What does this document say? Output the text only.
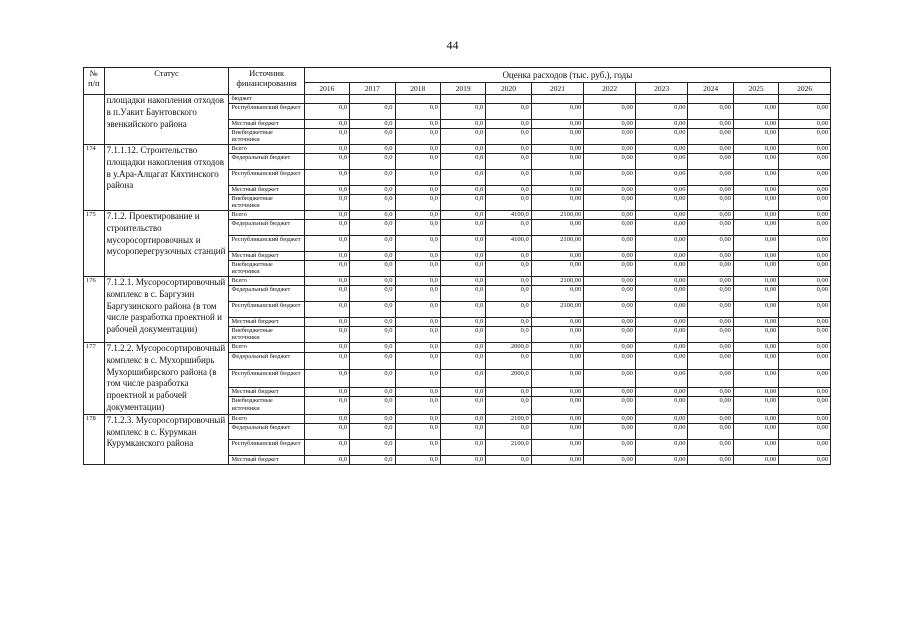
44
№ п/п	Статус	Источник финансирования	Оценка расходов (тыс. руб.), годы										
			2016	2017	2018	2019	2020	2021	2022	2023	2024	2025	2026
	площадки накопления отходов в п.Уакит Баунтовского эвенкийского района	бюджет											
		Республиканский бюджет	0,0	0,0	0,0	0,0	0,0	0,00	0,00	0,00	0,00	0,00	0,00
		Местный бюджет	0,0	0,0	0,0	0,0	0,0	0,00	0,00	0,00	0,00	0,00	0,00
		Внебюджетные источники	0,0	0,0	0,0	0,0	0,0	0,00	0,00	0,00	0,00	0,00	0,00
174	7.1.1.12. Строительство площадки накопления отходов в у.Ара-Алцагат Кяхтинского района	Всего	0,0	0,0	0,0	0,0	0,0	0,00	0,00	0,00	0,00	0,00	0,00
		Федеральный бюджет	0,0	0,0	0,0	0,0	0,0	0,00	0,00	0,00	0,00	0,00	0,00
		Республиканский бюджет	0,0	0,0	0,0	0,0	0,0	0,00	0,00	0,00	0,00	0,00	0,00
		Местный бюджет	0,0	0,0	0,0	0,0	0,0	0,00	0,00	0,00	0,00	0,00	0,00
		Внебюджетные источники	0,0	0,0	0,0	0,0	0,0	0,00	0,00	0,00	0,00	0,00	0,00
175	7.1.2. Проектирование и строительство мусоросортировочных и мусороперегрузочных станций	Всего	0,0	0,0	0,0	0,0	4100,0	2100,00	0,00	0,00	0,00	0,00	0,00
		Федеральный бюджет	0,0	0,0	0,0	0,0	0,0	0,00	0,00	0,00	0,00	0,00	0,00
		Республиканский бюджет	0,0	0,0	0,0	0,0	4100,0	2100,00	0,00	0,00	0,00	0,00	0,00
		Местный бюджет	0,0	0,0	0,0	0,0	0,0	0,00	0,00	0,00	0,00	0,00	0,00
		Внебюджетные источники	0,0	0,0	0,0	0,0	0,0	0,00	0,00	0,00	0,00	0,00	0,00
176	7.1.2.1. Мусоросортировочный комплекс в с. Баргузин Баргузинского района (в том числе разработка проектной и рабочей документации)	Всего	0,0	0,0	0,0	0,0	0,0	2100,00	0,00	0,00	0,00	0,00	0,00
		Федеральный бюджет	0,0	0,0	0,0	0,0	0,0	0,00	0,00	0,00	0,00	0,00	0,00
		Республиканский бюджет	0,0	0,0	0,0	0,0	0,0	2100,00	0,00	0,00	0,00	0,00	0,00
		Местный бюджет	0,0	0,0	0,0	0,0	0,0	0,00	0,00	0,00	0,00	0,00	0,00
		Внебюджетные источники	0,0	0,0	0,0	0,0	0,0	0,00	0,00	0,00	0,00	0,00	0,00
177	7.1.2.2. Мусоросортировочный комплекс в с. Мухоршибирь Мухоршибирского района (в том числе разработка проектной и рабочей документации)	Всего	0,0	0,0	0,0	0,0	2000,0	0,00	0,00	0,00	0,00	0,00	0,00
		Федеральный бюджет	0,0	0,0	0,0	0,0	0,0	0,00	0,00	0,00	0,00	0,00	0,00
		Республиканский бюджет	0,0	0,0	0,0	0,0	2000,0	0,00	0,00	0,00	0,00	0,00	0,00
		Местный бюджет	0,0	0,0	0,0	0,0	0,0	0,00	0,00	0,00	0,00	0,00	0,00
		Внебюджетные источники	0,0	0,0	0,0	0,0	0,0	0,00	0,00	0,00	0,00	0,00	0,00
178	7.1.2.3. Мусоросортировочный комплекс в с. Курумкан Курумканского района	Всего	0,0	0,0	0,0	0,0	2100,0	0,00	0,00	0,00	0,00	0,00	0,00
		Федеральный бюджет	0,0	0,0	0,0	0,0	0,0	0,00	0,00	0,00	0,00	0,00	0,00
		Республиканский бюджет	0,0	0,0	0,0	0,0	2100,0	0,00	0,00	0,00	0,00	0,00	0,00
		Местный бюджет	0,0	0,0	0,0	0,0	0,0	0,00	0,00	0,00	0,00	0,00	0,00
